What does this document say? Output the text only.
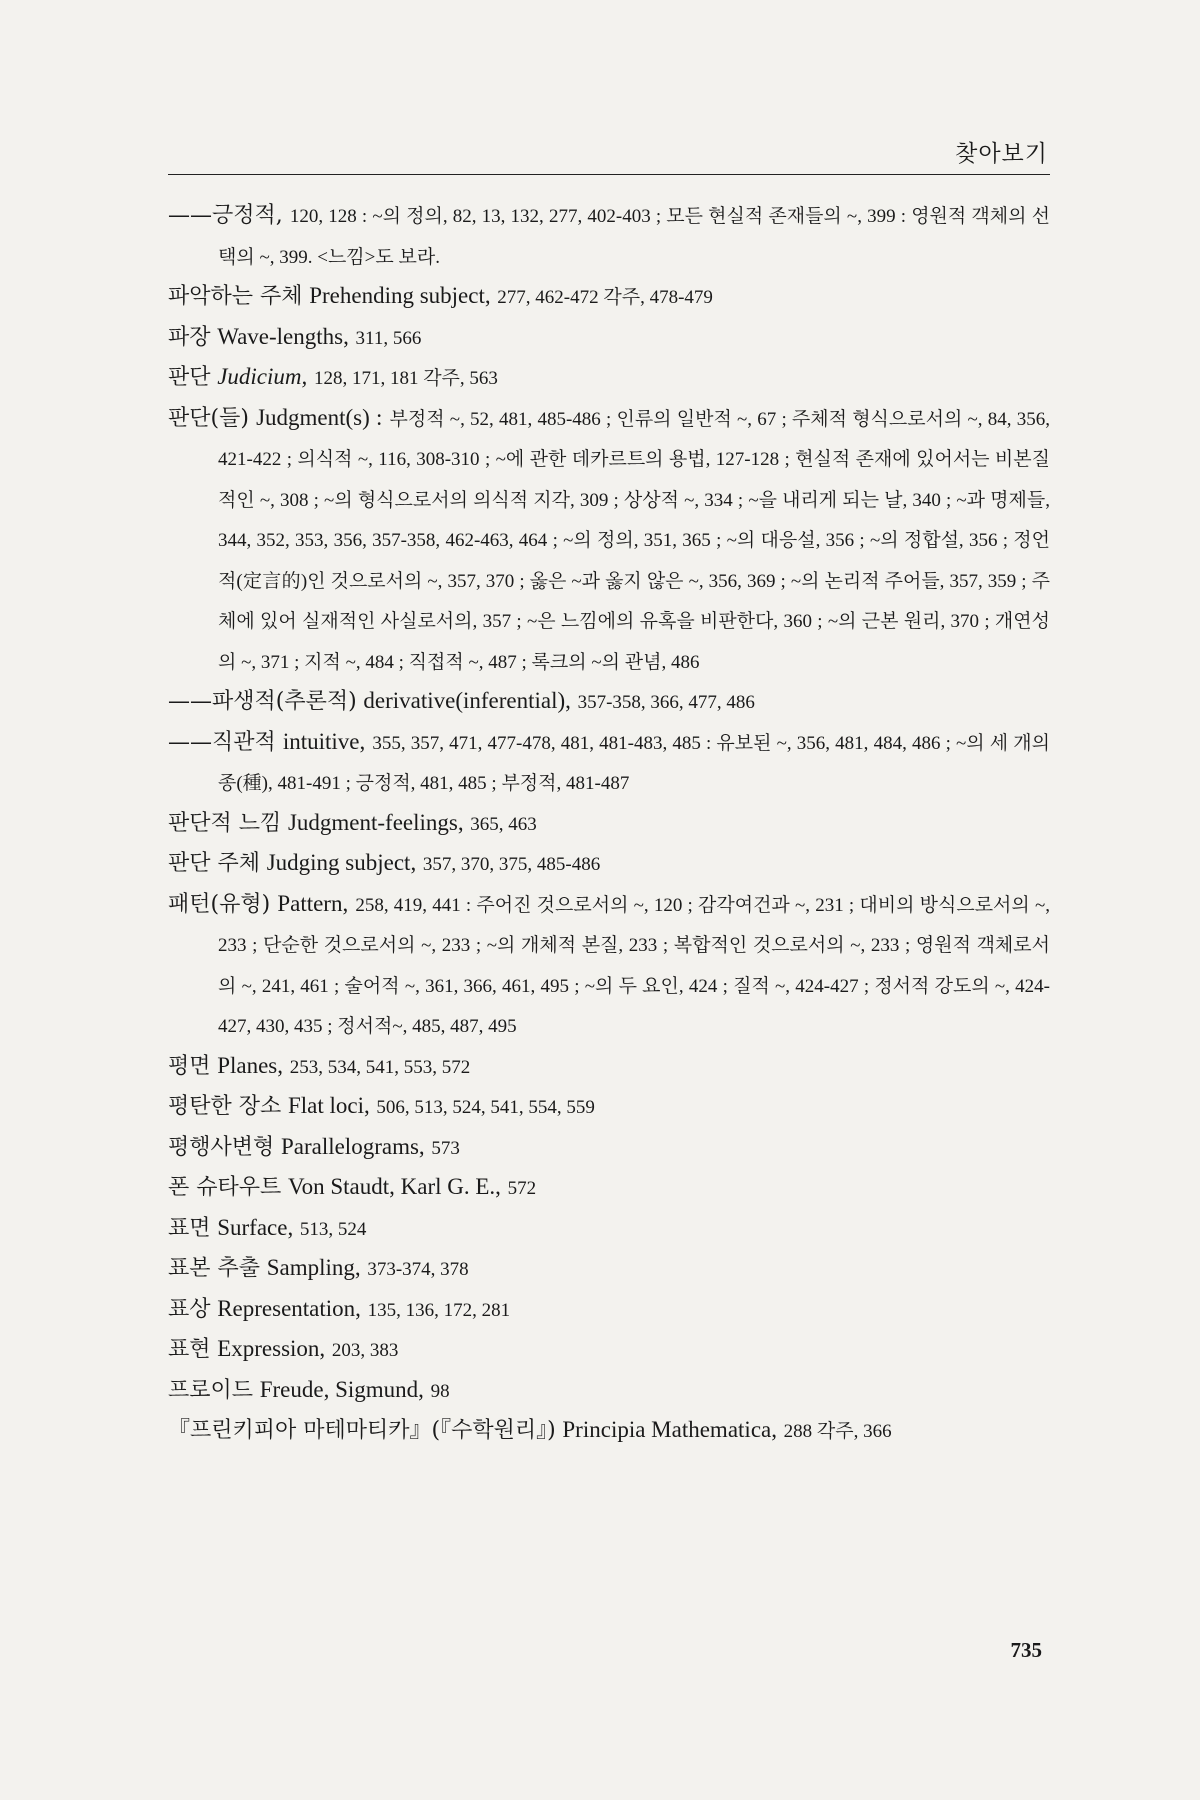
찾아보기
——긍정적, 120, 128 : ~의 정의, 82, 13, 132, 277, 402-403 ; 모든 현실적 존재들의 ~, 399 : 영원적 객체의 선택의 ~, 399. <느낌>도 보라.
파악하는 주체 Prehending subject, 277, 462-472 각주, 478-479
파장 Wave-lengths, 311, 566
판단 Judicium, 128, 171, 181 각주, 563
판단(들) Judgment(s) : 부정적 ~, 52, 481, 485-486 ; 인류의 일반적 ~, 67 ; 주체적 형식으로서의 ~, 84, 356, 421-422 ; 의식적 ~, 116, 308-310 ; ~에 관한 데카르트의 용법, 127-128 ; 현실적 존재에 있어서는 비본질적인 ~, 308 ; ~의 형식으로서의 의식적 지각, 309 ; 상상적 ~, 334 ; ~을 내리게 되는 날, 340 ; ~과 명제들, 344, 352, 353, 356, 357-358, 462-463, 464 ; ~의 정의, 351, 365 ; ~의 대응설, 356 ; ~의 정합설, 356 ; 정언적(定言的)인 것으로서의 ~, 357, 370 ; 옳은 ~과 옳지 않은 ~, 356, 369 ; ~의 논리적 주어들, 357, 359 ; 주체에 있어 실재적인 사실로서의, 357 ; ~은 느낌에의 유혹을 비판한다, 360 ; ~의 근본 원리, 370 ; 개연성의 ~, 371 ; 지적 ~, 484 ; 직접적 ~, 487 ; 록크의 ~의 관념, 486
——파생적(추론적) derivative(inferential), 357-358, 366, 477, 486
——직관적 intuitive, 355, 357, 471, 477-478, 481, 481-483, 485 : 유보된 ~, 356, 481, 484, 486 ; ~의 세 개의 종(種), 481-491 ; 긍정적, 481, 485 ; 부정적, 481-487
판단적 느낌 Judgment-feelings, 365, 463
판단 주체 Judging subject, 357, 370, 375, 485-486
패턴(유형) Pattern, 258, 419, 441 : 주어진 것으로서의 ~, 120 ; 감각여건과 ~, 231 ; 대비의 방식으로서의 ~, 233 ; 단순한 것으로서의 ~, 233 ; ~의 개체적 본질, 233 ; 복합적인 것으로서의 ~, 233 ; 영원적 객체로서의 ~, 241, 461 ; 술어적 ~, 361, 366, 461, 495 ; ~의 두 요인, 424 ; 질적 ~, 424-427 ; 정서적 강도의 ~, 424-427, 430, 435 ; 정서적~, 485, 487, 495
평면 Planes, 253, 534, 541, 553, 572
평탄한 장소 Flat loci, 506, 513, 524, 541, 554, 559
평행사변형 Parallelograms, 573
폰 슈타우트 Von Staudt, Karl G. E., 572
표면 Surface, 513, 524
표본 추출 Sampling, 373-374, 378
표상 Representation, 135, 136, 172, 281
표현 Expression, 203, 383
프로이드 Freude, Sigmund, 98
『프린키피아 마테마티카』(『수학원리』) Principia Mathematica, 288 각주, 366
735
